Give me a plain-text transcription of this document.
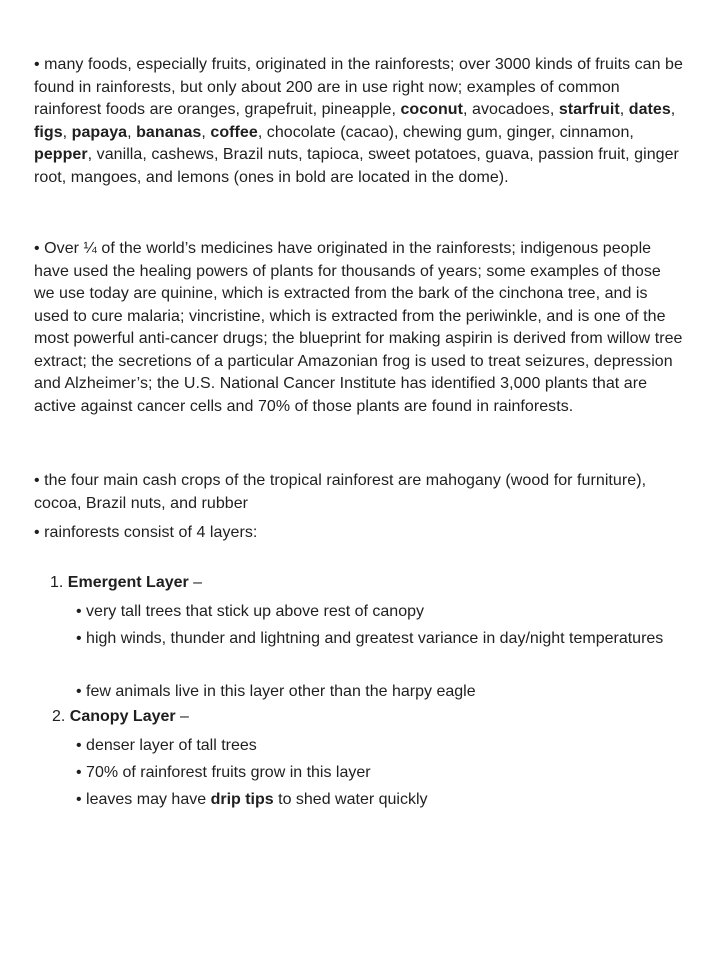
• many foods, especially fruits, originated in the rainforests; over 3000 kinds of fruits can be found in rainforests, but only about 200 are in use right now; examples of common rainforest foods are oranges, grapefruit, pineapple, coconut, avocadoes, starfruit, dates, figs, papaya, bananas, coffee, chocolate (cacao), chewing gum, ginger, cinnamon, pepper, vanilla, cashews, Brazil nuts, tapioca, sweet potatoes, guava, passion fruit, ginger root, mangoes, and lemons (ones in bold are located in the dome).

• Over ¼ of the world’s medicines have originated in the rainforests; indigenous people have used the healing powers of plants for thousands of years; some examples of those we use today are quinine, which is extracted from the bark of the cinchona tree, and is used to cure malaria; vincristine, which is extracted from the periwinkle, and is one of the most powerful anti-cancer drugs; the blueprint for making aspirin is derived from willow tree extract; the secretions of a particular Amazonian frog is used to treat seizures, depression and Alzheimer’s; the U.S. National Cancer Institute has identified 3,000 plants that are active against cancer cells and 70% of those plants are found in rainforests.

• the four main cash crops of the tropical rainforest are mahogany (wood for furniture), cocoa, Brazil nuts, and rubber

• rainforests consist of 4 layers:

1. Emergent Layer –
• very tall trees that stick up above rest of canopy
• high winds, thunder and lightning and greatest variance in day/night temperatures
• few animals live in this layer other than the harpy eagle
2. Canopy Layer –
• denser layer of tall trees
• 70% of rainforest fruits grow in this layer
• leaves may have drip tips to shed water quickly
